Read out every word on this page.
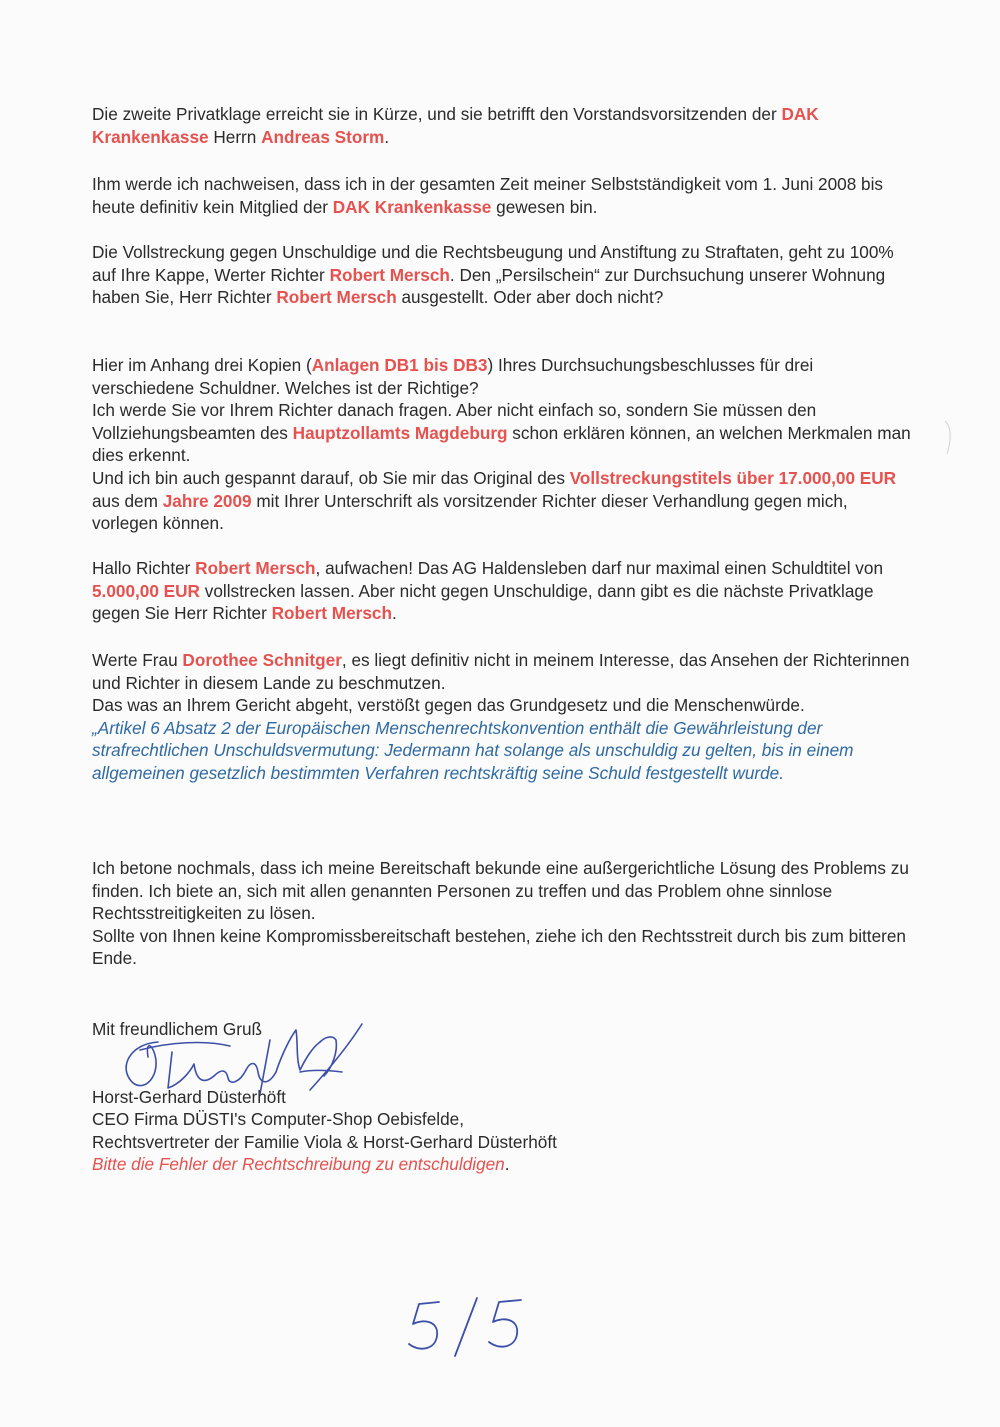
Die zweite Privatklage erreicht sie in Kürze, und sie betrifft den Vorstandsvorsitzenden der DAK Krankenkasse Herrn Andreas Storm.

Ihm werde ich nachweisen, dass ich in der gesamten Zeit meiner Selbstständigkeit vom 1. Juni 2008 bis heute definitiv kein Mitglied der DAK Krankenkasse gewesen bin.

Die Vollstreckung gegen Unschuldige und die Rechtsbeugung und Anstiftung zu Straftaten, geht zu 100% auf Ihre Kappe, Werter Richter Robert Mersch. Den „Persilschein“ zur Durchsuchung unserer Wohnung haben Sie, Herr Richter Robert Mersch ausgestellt. Oder aber doch nicht?

Hier im Anhang drei Kopien (Anlagen DB1 bis DB3) Ihres Durchsuchungsbeschlusses für drei verschiedene Schuldner. Welches ist der Richtige?
Ich werde Sie vor Ihrem Richter danach fragen. Aber nicht einfach so, sondern Sie müssen den Vollziehungsbeamten des Hauptzollamts Magdeburg schon erklären können, an welchen Merkmalen man dies erkennt.
Und ich bin auch gespannt darauf, ob Sie mir das Original des Vollstreckungstitels über 17.000,00 EUR aus dem Jahre 2009 mit Ihrer Unterschrift als vorsitzender Richter dieser Verhandlung gegen mich, vorlegen können.

Hallo Richter Robert Mersch, aufwachen! Das AG Haldensleben darf nur maximal einen Schuldtitel von 5.000,00 EUR vollstrecken lassen. Aber nicht gegen Unschuldige, dann gibt es die nächste Privatklage gegen Sie Herr Richter Robert Mersch.

Werte Frau Dorothee Schnitger, es liegt definitiv nicht in meinem Interesse, das Ansehen der Richterinnen und Richter in diesem Lande zu beschmutzen.
Das was an Ihrem Gericht abgeht, verstößt gegen das Grundgesetz und die Menschenwürde.
„Artikel 6 Absatz 2 der Europäischen Menschenrechtskonvention enthält die Gewährleistung der strafrechtlichen Unschuldsvermutung: Jedermann hat solange als unschuldig zu gelten, bis in einem allgemeinen gesetzlich bestimmten Verfahren rechtskräftig seine Schuld festgestellt wurde.

Ich betone nochmals, dass ich meine Bereitschaft bekunde eine außergerichtliche Lösung des Problems zu finden. Ich biete an, sich mit allen genannten Personen zu treffen und das Problem ohne sinnlose Rechtsstreitigkeiten zu lösen.
Sollte von Ihnen keine Kompromissbereitschaft bestehen, ziehe ich den Rechtsstreit durch bis zum bitteren Ende.

Mit freundlichem Gruß
Horst-Gerhard Düsterhöft
CEO Firma DÜSTI's Computer-Shop Oebisfelde,
Rechtsvertreter der Familie Viola & Horst-Gerhard Düsterhöft
Bitte die Fehler der Rechtschreibung zu entschuldigen.
